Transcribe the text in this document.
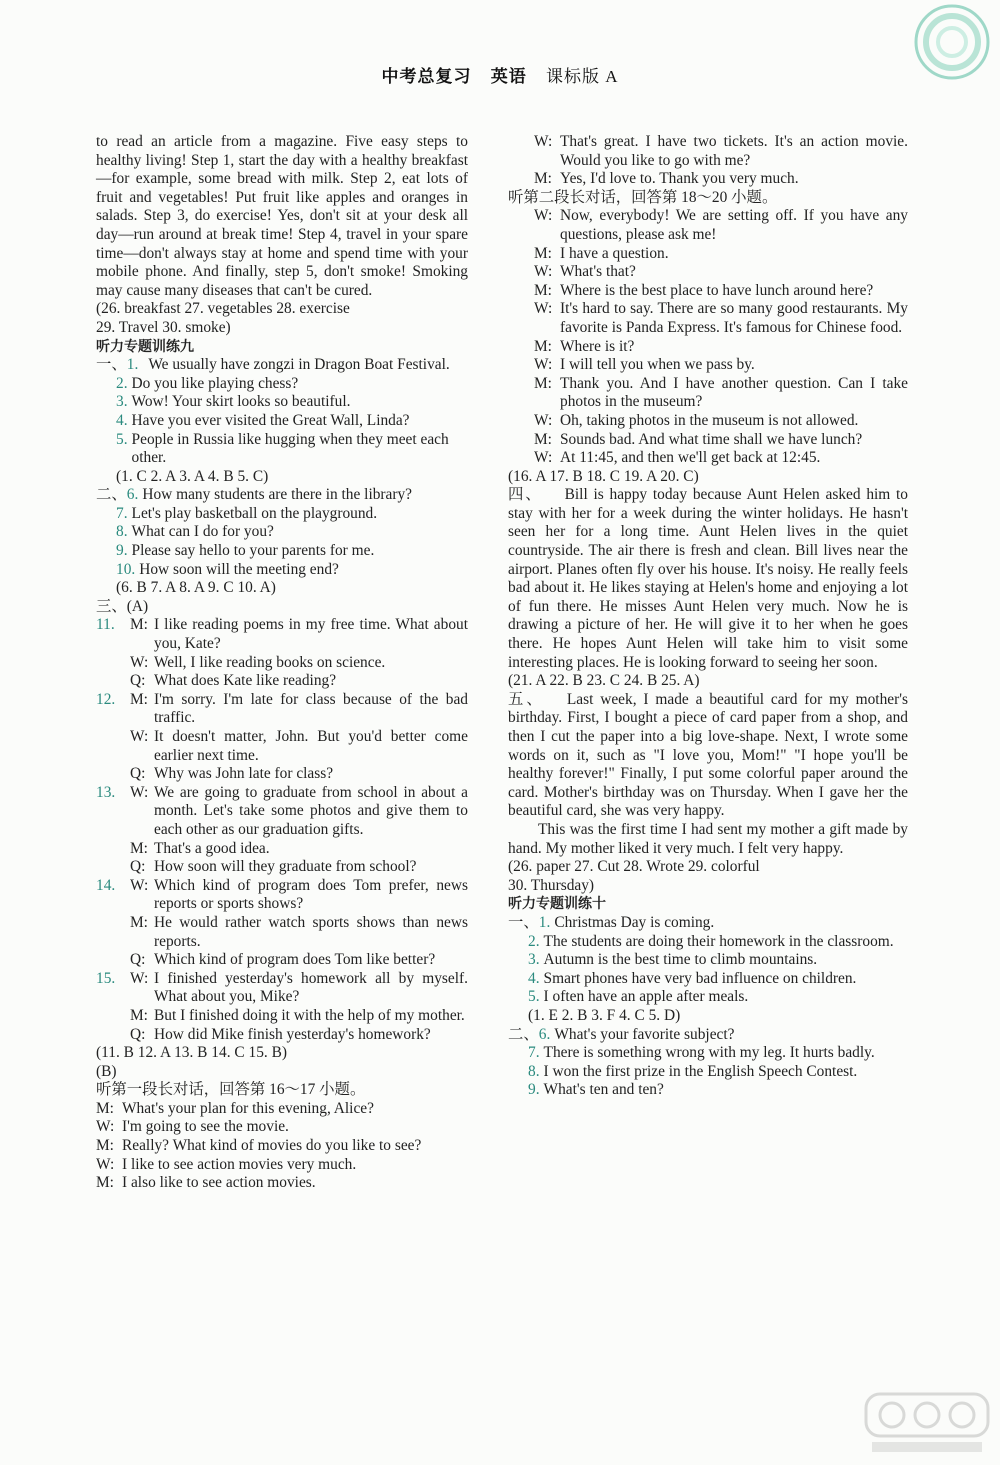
中考总复习 英语 课标版 A
to read an article from a magazine. Five easy steps to healthy living! Step 1, start the day with a healthy breakfast—for example, some bread with milk. Step 2, eat lots of fruit and vegetables! Put fruit like apples and oranges in salads. Step 3, do exercise! Yes, don't sit at your desk all day—run around at break time! Step 4, travel in your spare time—don't always stay at home and spend time with your mobile phone. And finally, step 5, don't smoke! Smoking may cause many diseases that can't be cured.
(26. breakfast 27. vegetables 28. exercise
29. Travel 30. smoke)
听力专题训练九
一、 1. We usually have zongzi in Dragon Boat Festival.
2. Do you like playing chess?
3. Wow! Your skirt looks so beautiful.
4. Have you ever visited the Great Wall, Linda?
5. People in Russia like hugging when they meet each other.
(1. C 2. A 3. A 4. B 5. C)
二、 6. How many students are there in the library?
7. Let's play basketball on the playground.
8. What can I do for you?
9. Please say hello to your parents for me.
10. How soon will the meeting end?
(6. B 7. A 8. A 9. C 10. A)
三、(A)
11. M: I like reading poems in my free time. What about you, Kate?
W: Well, I like reading books on science.
Q: What does Kate like reading?
12. M: I'm sorry. I'm late for class because of the bad traffic.
W: It doesn't matter, John. But you'd better come earlier next time.
Q: Why was John late for class?
13. W: We are going to graduate from school in about a month. Let's take some photos and give them to each other as our graduation gifts.
M: That's a good idea.
Q: How soon will they graduate from school?
14. W: Which kind of program does Tom prefer, news reports or sports shows?
M: He would rather watch sports shows than news reports.
Q: Which kind of program does Tom like better?
15. W: I finished yesterday's homework all by myself. What about you, Mike?
M: But I finished doing it with the help of my mother.
Q: How did Mike finish yesterday's homework?
(11. B 12. A 13. B 14. C 15. B)
(B)
听第一段长对话，回答第 16～17 小题。
M: What's your plan for this evening, Alice?
W: I'm going to see the movie.
M: Really? What kind of movies do you like to see?
W: I like to see action movies very much.
M: I also like to see action movies.
W: That's great. I have two tickets. It's an action movie. Would you like to go with me?
M: Yes, I'd love to. Thank you very much.
听第二段长对话，回答第 18～20 小题。
W: Now, everybody! We are setting off. If you have any questions, please ask me!
M: I have a question.
W: What's that?
M: Where is the best place to have lunch around here?
W: It's hard to say. There are so many good restaurants. My favorite is Panda Express. It's famous for Chinese food.
M: Where is it?
W: I will tell you when we pass by.
M: Thank you. And I have another question. Can I take photos in the museum?
W: Oh, taking photos in the museum is not allowed.
M: Sounds bad. And what time shall we have lunch?
W: At 11:45, and then we'll get back at 12:45.
(16. A 17. B 18. C 19. A 20. C)
四、 Bill is happy today because Aunt Helen asked him to stay with her for a week during the winter holidays. He hasn't seen her for a long time. Aunt Helen lives in the quiet countryside. The air there is fresh and clean. Bill lives near the airport. Planes often fly over his house. It's noisy. He really feels bad about it. He likes staying at Helen's home and enjoying a lot of fun there. He misses Aunt Helen very much. Now he is drawing a picture of her. He will give it to her when he goes there. He hopes Aunt Helen will take him to visit some interesting places. He is looking forward to seeing her soon.
(21. A 22. B 23. C 24. B 25. A)
五、 Last week, I made a beautiful card for my mother's birthday. First, I bought a piece of card paper from a shop, and then I cut the paper into a big love-shape. Next, I wrote some words on it, such as "I love you, Mom!" "I hope you'll be healthy forever!" Finally, I put some colorful paper around the card. Mother's birthday was on Thursday. When I gave her the beautiful card, she was very happy.
This was the first time I had sent my mother a gift made by hand. My mother liked it very much. I felt very happy.
(26. paper 27. Cut 28. Wrote 29. colorful
30. Thursday)
听力专题训练十
一、 1. Christmas Day is coming.
2. The students are doing their homework in the classroom.
3. Autumn is the best time to climb mountains.
4. Smart phones have very bad influence on children.
5. I often have an apple after meals.
(1. E 2. B 3. F 4. C 5. D)
二、 6. What's your favorite subject?
7. There is something wrong with my leg. It hurts badly.
8. I won the first prize in the English Speech Contest.
9. What's ten and ten?
